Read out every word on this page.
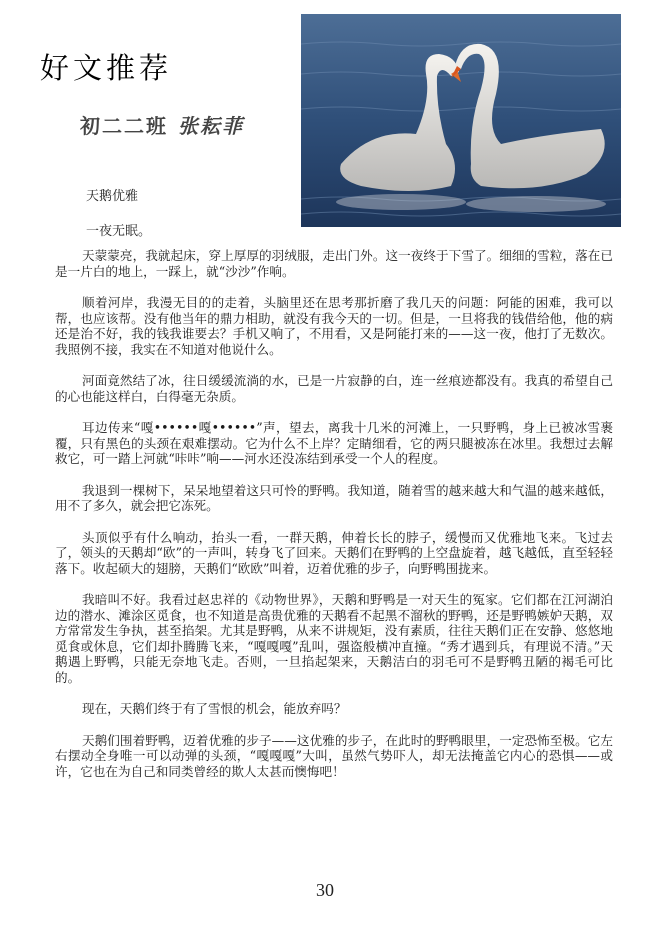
好文推荐
初二二班 张耘菲
天鹅优雅
一夜无眠。

天蒙蒙亮，我就起床，穿上厚厚的羽绒服，走出门外。这一夜终于下雪了。细细的雪粒，落在已是一片白的地上，一踩上，就“沙沙”作响。

顺着河岸，我漫无目的的走着，头脑里还在思考那折磨了我几天的问题：阿能的困难，我可以帮，也应该帮。没有他当年的鼎力相助，就没有我今天的一切。但是，一旦将我的钱借给他，他的病还是治不好，我的钱我谁要去？手机又响了，不用看，又是阿能打来的——这一夜，他打了无数次。我照例不接，我实在不知道对他说什么。

河面竟然结了冰，往日缓缓流淌的水，已是一片寂静的白，连一丝痕迹都没有。我真的希望自己的心也能这样白，白得毫无杂质。

耳边传来“嘎••••••嘎••••••”声，望去，离我十几米的河滩上，一只野鸭，身上已被冰雪裹覆，只有黑色的头颈在艰难摆动。它为什么不上岸？定睛细看，它的两只腿被冻在冰里。我想过去解救它，可一踏上河就“咔咔”响——河水还没冻结到承受一个人的程度。

我退到一棵树下，呆呆地望着这只可怜的野鸭。我知道，随着雪的越来越大和气温的越来越低，用不了多久，就会把它冻死。

头顶似乎有什么响动，抬头一看，一群天鹅，伸着长长的脖子，缓慢而又优雅地飞来。飞过去了，领头的天鹅却“欧”的一声叫，转身飞了回来。天鹅们在野鸭的上空盘旋着，越飞越低，直至轻轻落下。收起硕大的翅膀，天鹅们“欧欧”叫着，迈着优雅的步子，向野鸭围拢来。

我暗叫不好。我看过赵忠祥的《动物世界》，天鹅和野鸭是一对天生的冤家。它们都在江河湖泊边的潜水、滩涂区觅食，也不知道是高贵优雅的天鹅看不起黑不溜秋的野鸭，还是野鸭嫉妒天鹅，双方常常发生争执，甚至掐架。尤其是野鸭，从来不讲规矩，没有素质，往往天鹅们正在安静、悠悠地觅食或休息，它们却扑腾腾飞来，“嘎嘎嘎”乱叫，强盗般横冲直撞。“秀才遇到兵，有理说不清。”天鹅遇上野鸭，只能无奈地飞走。否则，一旦掐起架来，天鹅洁白的羽毛可不是野鸭丑陋的褐毛可比的。

现在，天鹅们终于有了雪恨的机会，能放弃吗？

天鹅们围着野鸭，迈着优雅的步子——这优雅的步子，在此时的野鸭眼里，一定恐怖至极。它左右摆动全身唯一可以动弹的头颈，“嘎嘎嘎”大叫，虽然气势吓人，却无法掩盖它内心的恐惧——或许，它也在为自己和同类曾经的欺人太甚而懊悔吧！

30
